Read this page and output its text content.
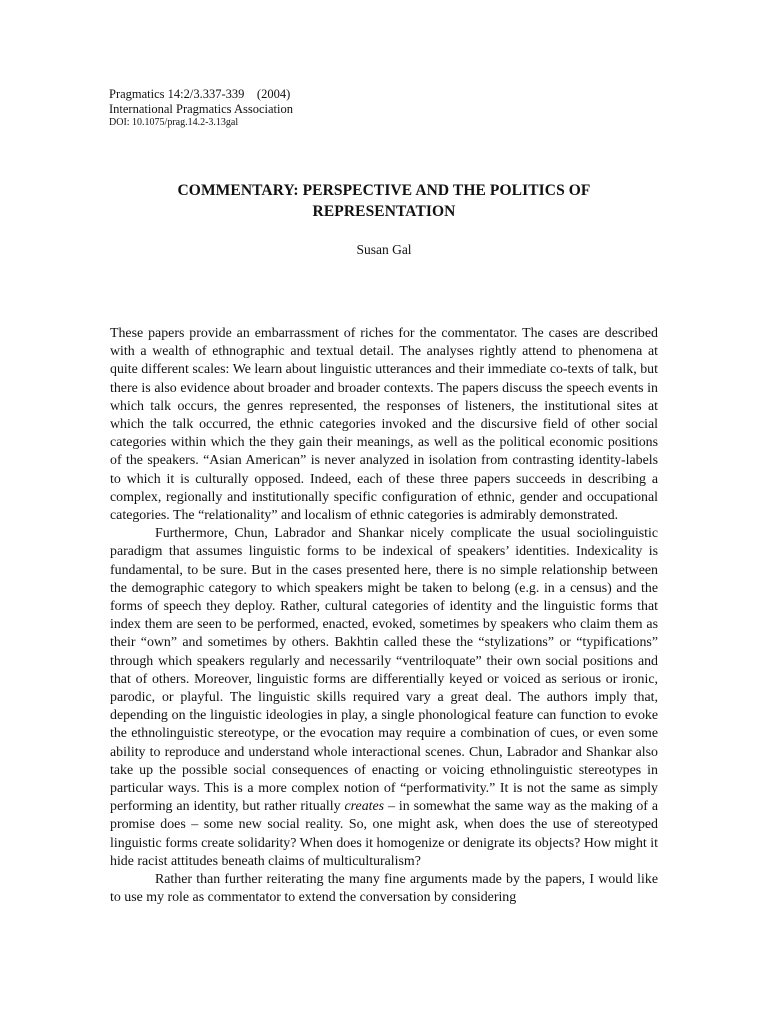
Pragmatics 14:2/3.337-339    (2004)
International Pragmatics Association
DOI: 10.1075/prag.14.2-3.13gal
COMMENTARY: PERSPECTIVE AND THE POLITICS OF
REPRESENTATION
Susan Gal

These papers provide an embarrassment of riches for the commentator. The cases are described with a wealth of ethnographic and textual detail. The analyses rightly attend to phenomena at quite different scales: We learn about linguistic utterances and their immediate co-texts of talk, but there is also evidence about broader and broader contexts. The papers discuss the speech events in which talk occurs, the genres represented, the responses of listeners, the institutional sites at which the talk occurred, the ethnic categories invoked and the discursive field of other social categories within which the they gain their meanings, as well as the political economic positions of the speakers. “Asian American” is never analyzed in isolation from contrasting identity-labels to which it is culturally opposed. Indeed, each of these three papers succeeds in describing a complex, regionally and institutionally specific configuration of ethnic, gender and occupational categories. The “relationality” and localism of ethnic categories is admirably demonstrated.

Furthermore, Chun, Labrador and Shankar nicely complicate the usual sociolinguistic paradigm that assumes linguistic forms to be indexical of speakers’ identities. Indexicality is fundamental, to be sure. But in the cases presented here, there is no simple relationship between the demographic category to which speakers might be taken to belong (e.g. in a census) and the forms of speech they deploy. Rather, cultural categories of identity and the linguistic forms that index them are seen to be performed, enacted, evoked, sometimes by speakers who claim them as their “own” and sometimes by others. Bakhtin called these the “stylizations” or “typifications” through which speakers regularly and necessarily “ventriloquate” their own social positions and that of others. Moreover, linguistic forms are differentially keyed or voiced as serious or ironic, parodic, or playful. The linguistic skills required vary a great deal. The authors imply that, depending on the linguistic ideologies in play, a single phonological feature can function to evoke the ethnolinguistic stereotype, or the evocation may require a combination of cues, or even some ability to reproduce and understand whole interactional scenes. Chun, Labrador and Shankar also take up the possible social consequences of enacting or voicing ethnolinguistic stereotypes in particular ways. This is a more complex notion of “performativity.” It is not the same as simply performing an identity, but rather ritually creates – in somewhat the same way as the making of a promise does – some new social reality. So, one might ask, when does the use of stereotyped linguistic forms create solidarity? When does it homogenize or denigrate its objects? How might it hide racist attitudes beneath claims of multiculturalism?

Rather than further reiterating the many fine arguments made by the papers, I would like to use my role as commentator to extend the conversation by considering
